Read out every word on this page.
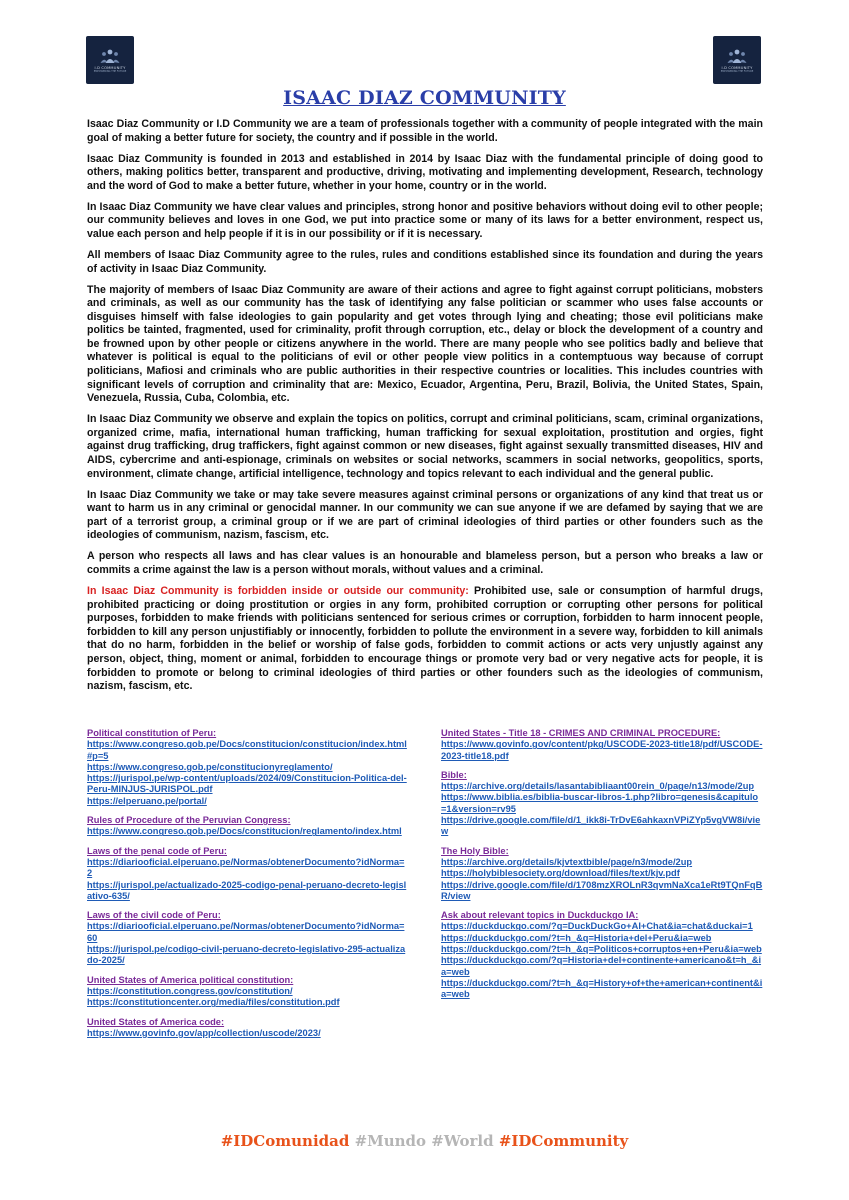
I.D COMMUNITY
EMPOWERING THE FUTURE
I.D COMMUNITY
EMPOWERING THE FUTURE
ISAAC DIAZ COMMUNITY

Isaac Diaz Community or I.D Community we are a team of professionals together with a community of people integrated with the main goal of making a better future for society, the country and if possible in the world.

Isaac Diaz Community is founded in 2013 and established in 2014 by Isaac Diaz with the fundamental principle of doing good to others, making politics better, transparent and productive, driving, motivating and implementing development, Research, technology and the word of God to make a better future, whether in your home, country or in the world.

In Isaac Diaz Community we have clear values and principles, strong honor and positive behaviors without doing evil to other people; our community believes and loves in one God, we put into practice some or many of its laws for a better environment, respect us, value each person and help people if it is in our possibility or if it is necessary.

All members of Isaac Diaz Community agree to the rules, rules and conditions established since its foundation and during the years of activity in Isaac Diaz Community.

The majority of members of Isaac Diaz Community are aware of their actions and agree to fight against corrupt politicians, mobsters and criminals, as well as our community has the task of identifying any false politician or scammer who uses false accounts or disguises himself with false ideologies to gain popularity and get votes through lying and cheating; those evil politicians make politics be tainted, fragmented, used for criminality, profit through corruption, etc., delay or block the development of a country and be frowned upon by other people or citizens anywhere in the world. There are many people who see politics badly and believe that whatever is political is equal to the politicians of evil or other people view politics in a contemptuous way because of corrupt politicians, Mafiosi and criminals who are public authorities in their respective countries or localities. This includes countries with significant levels of corruption and criminality that are: Mexico, Ecuador, Argentina, Peru, Brazil, Bolivia, the United States, Spain, Venezuela, Russia, Cuba, Colombia, etc.

In Isaac Diaz Community we observe and explain the topics on politics, corrupt and criminal politicians, scam, criminal organizations, organized crime, mafia, international human trafficking, human trafficking for sexual exploitation, prostitution and orgies, fight against drug trafficking, drug traffickers, fight against common or new diseases, fight against sexually transmitted diseases, HIV and AIDS, cybercrime and anti-espionage, criminals on websites or social networks, scammers in social networks, geopolitics, sports, environment, climate change, artificial intelligence, technology and topics relevant to each individual and the general public.

In Isaac Diaz Community we take or may take severe measures against criminal persons or organizations of any kind that treat us or want to harm us in any criminal or genocidal manner. In our community we can sue anyone if we are defamed by saying that we are part of a terrorist group, a criminal group or if we are part of criminal ideologies of third parties or other founders such as the ideologies of communism, nazism, fascism, etc.

A person who respects all laws and has clear values is an honourable and blameless person, but a person who breaks a law or commits a crime against the law is a person without morals, without values and a criminal.

In Isaac Diaz Community is forbidden inside or outside our community: Prohibited use, sale or consumption of harmful drugs, prohibited practicing or doing prostitution or orgies in any form, prohibited corruption or corrupting other persons for political purposes, forbidden to make friends with politicians sentenced for serious crimes or corruption, forbidden to harm innocent people, forbidden to kill any person unjustifiably or innocently, forbidden to pollute the environment in a severe way, forbidden to kill animals that do no harm, forbidden in the belief or worship of false gods, forbidden to commit actions or acts very unjustly against any person, object, thing, moment or animal, forbidden to encourage things or promote very bad or very negative acts for people, it is forbidden to promote or belong to criminal ideologies of third parties or other founders such as the ideologies of communism, nazism, fascism, etc.

Political constitution of Peru:
https://www.congreso.gob.pe/Docs/constitucion/constitucion/index.html#p=5
https://www.congreso.gob.pe/constitucionyreglamento/
https://jurispol.pe/wp-content/uploads/2024/09/Constitucion-Politica-del-Peru-MINJUS-JURISPOL.pdf
https://elperuano.pe/portal/
Rules of Procedure of the Peruvian Congress:
https://www.congreso.gob.pe/Docs/constitucion/reglamento/index.html
Laws of the penal code of Peru:
https://diariooficial.elperuano.pe/Normas/obtenerDocumento?idNorma=2
https://jurispol.pe/actualizado-2025-codigo-penal-peruano-decreto-legislativo-635/
Laws of the civil code of Peru:
https://diariooficial.elperuano.pe/Normas/obtenerDocumento?idNorma=60
https://jurispol.pe/codigo-civil-peruano-decreto-legislativo-295-actualizado-2025/
United States of America political constitution:
https://constitution.congress.gov/constitution/
https://constitutioncenter.org/media/files/constitution.pdf
United States of America code:
https://www.govinfo.gov/app/collection/uscode/2023/
United States - Title 18 - CRIMES AND CRIMINAL PROCEDURE:
https://www.govinfo.gov/content/pkg/USCODE-2023-title18/pdf/USCODE-2023-title18.pdf
Bible:
https://archive.org/details/lasantabibliaant00rein_0/page/n13/mode/2up
https://www.biblia.es/biblia-buscar-libros-1.php?libro=genesis&capitulo=1&version=rv95
https://drive.google.com/file/d/1_ikk8i-TrDvE6ahkaxnVPiZYp5vgVW8i/view
The Holy Bible:
https://archive.org/details/kjvtextbible/page/n3/mode/2up
https://holybiblesociety.org/download/files/text/kjv.pdf
https://drive.google.com/file/d/1708mzXROLnR3qvmNaXca1eRt9TQnFqBR/view
Ask about relevant topics in Duckduckgo IA:
https://duckduckgo.com/?q=DuckDuckGo+AI+Chat&ia=chat&duckai=1
https://duckduckgo.com/?t=h_&q=Historia+del+Peru&ia=web
https://duckduckgo.com/?t=h_&q=Politicos+corruptos+en+Peru&ia=web
https://duckduckgo.com/?q=Historia+del+continente+americano&t=h_&ia=web
https://duckduckgo.com/?t=h_&q=History+of+the+american+continent&ia=web
#IDComunidad #Mundo #World #IDCommunity
